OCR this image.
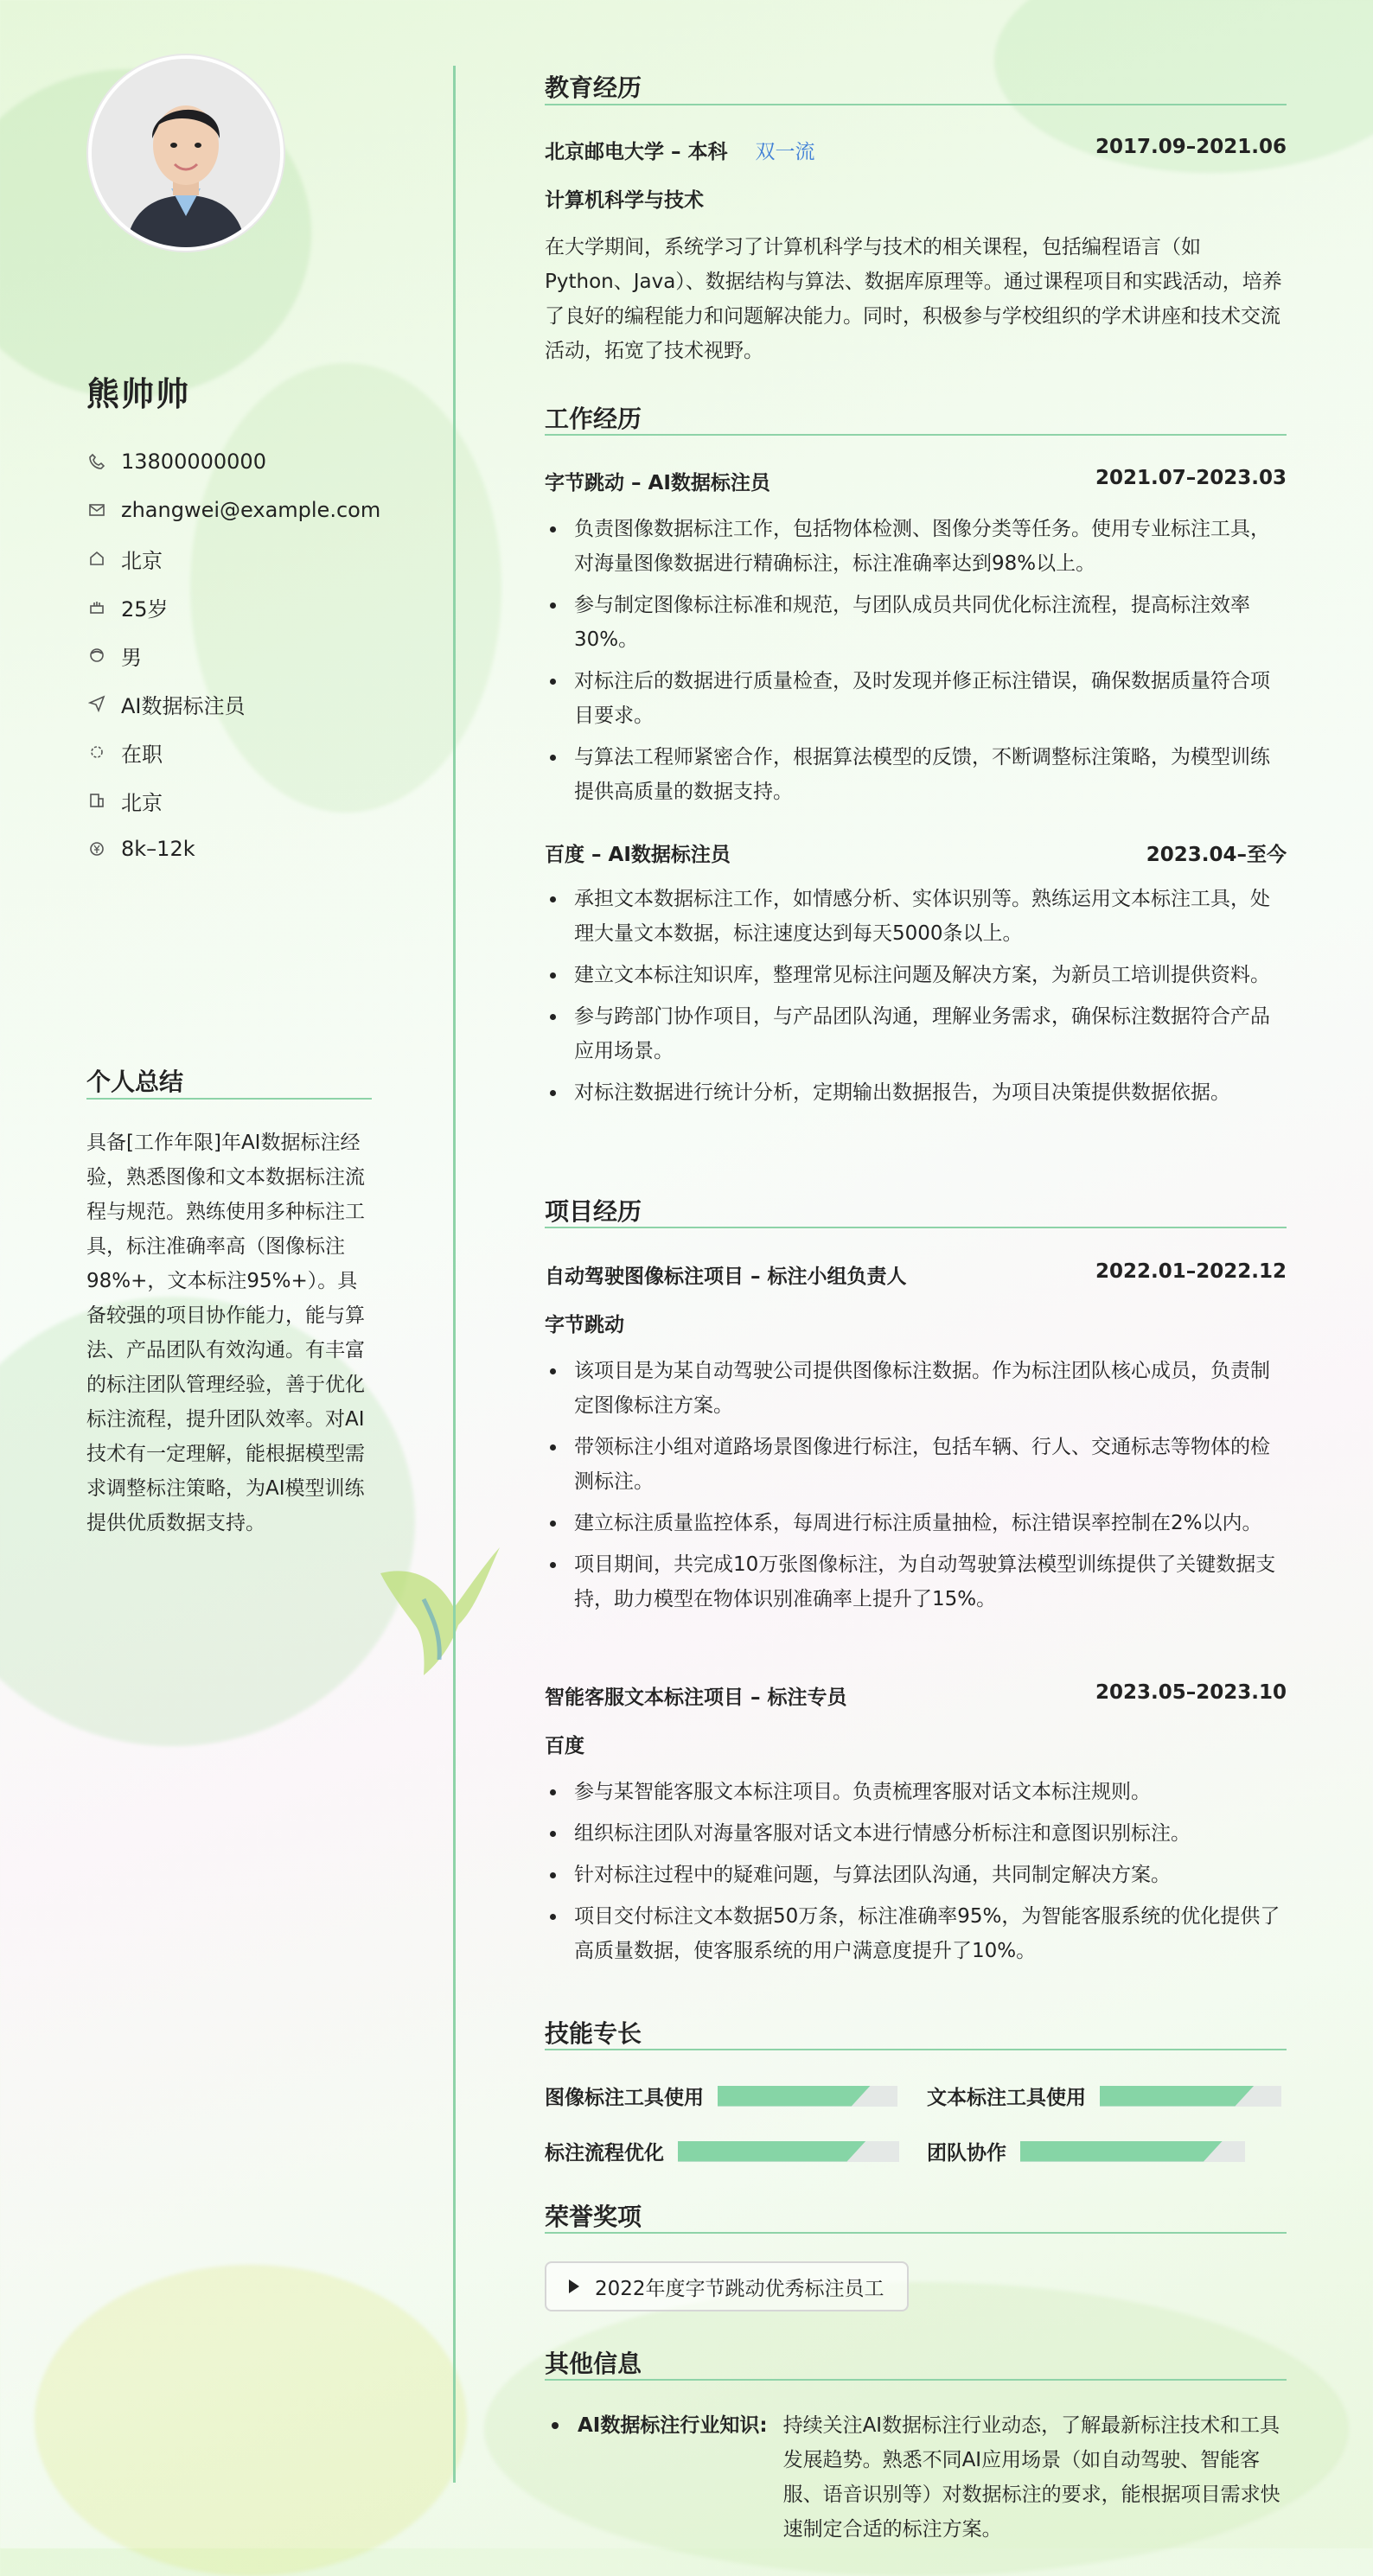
熊帅帅
13800000000
zhangwei@example.com
北京
25岁
男
AI数据标注员
在职
北京
8k–12k
个人总结
具备[工作年限]年AI数据标注经验，熟悉图像和文本数据标注流程与规范。熟练使用多种标注工具，标注准确率高（图像标注98%+，文本标注95%+）。具备较强的项目协作能力，能与算法、产品团队有效沟通。有丰富的标注团队管理经验，善于优化标注流程，提升团队效率。对AI技术有一定理解，能根据模型需求调整标注策略，为AI模型训练提供优质数据支持。
教育经历
北京邮电大学 – 本科 双一流	2017.09–2021.06
计算机科学与技术
在大学期间，系统学习了计算机科学与技术的相关课程，包括编程语言（如Python、Java）、数据结构与算法、数据库原理等。通过课程项目和实践活动，培养了良好的编程能力和问题解决能力。同时，积极参与学校组织的学术讲座和技术交流活动，拓宽了技术视野。
工作经历
字节跳动 – AI数据标注员	2021.07–2023.03
负责图像数据标注工作，包括物体检测、图像分类等任务。使用专业标注工具，对海量图像数据进行精确标注，标注准确率达到98%以上。
参与制定图像标注标准和规范，与团队成员共同优化标注流程，提高标注效率30%。
对标注后的数据进行质量检查，及时发现并修正标注错误，确保数据质量符合项目要求。
与算法工程师紧密合作，根据算法模型的反馈，不断调整标注策略，为模型训练提供高质量的数据支持。
百度 – AI数据标注员	2023.04–至今
承担文本数据标注工作，如情感分析、实体识别等。熟练运用文本标注工具，处理大量文本数据，标注速度达到每天5000条以上。
建立文本标注知识库，整理常见标注问题及解决方案，为新员工培训提供资料。
参与跨部门协作项目，与产品团队沟通，理解业务需求，确保标注数据符合产品应用场景。
对标注数据进行统计分析，定期输出数据报告，为项目决策提供数据依据。
项目经历
自动驾驶图像标注项目 – 标注小组负责人	2022.01–2022.12
字节跳动
该项目是为某自动驾驶公司提供图像标注数据。作为标注团队核心成员，负责制定图像标注方案。
带领标注小组对道路场景图像进行标注，包括车辆、行人、交通标志等物体的检测标注。
建立标注质量监控体系，每周进行标注质量抽检，标注错误率控制在2%以内。
项目期间，共完成10万张图像标注，为自动驾驶算法模型训练提供了关键数据支持，助力模型在物体识别准确率上提升了15%。
智能客服文本标注项目 – 标注专员	2023.05–2023.10
百度
参与某智能客服文本标注项目。负责梳理客服对话文本标注规则。
组织标注团队对海量客服对话文本进行情感分析标注和意图识别标注。
针对标注过程中的疑难问题，与算法团队沟通，共同制定解决方案。
项目交付标注文本数据50万条，标注准确率95%，为智能客服系统的优化提供了高质量数据，使客服系统的用户满意度提升了10%。
技能专长
图像标注工具使用	文本标注工具使用
标注流程优化	团队协作
荣誉奖项
2022年度字节跳动优秀标注员工
其他信息
AI数据标注行业知识: 持续关注AI数据标注行业动态，了解最新标注技术和工具发展趋势。熟悉不同AI应用场景（如自动驾驶、智能客服、语音识别等）对数据标注的要求，能根据项目需求快速制定合适的标注方案。
